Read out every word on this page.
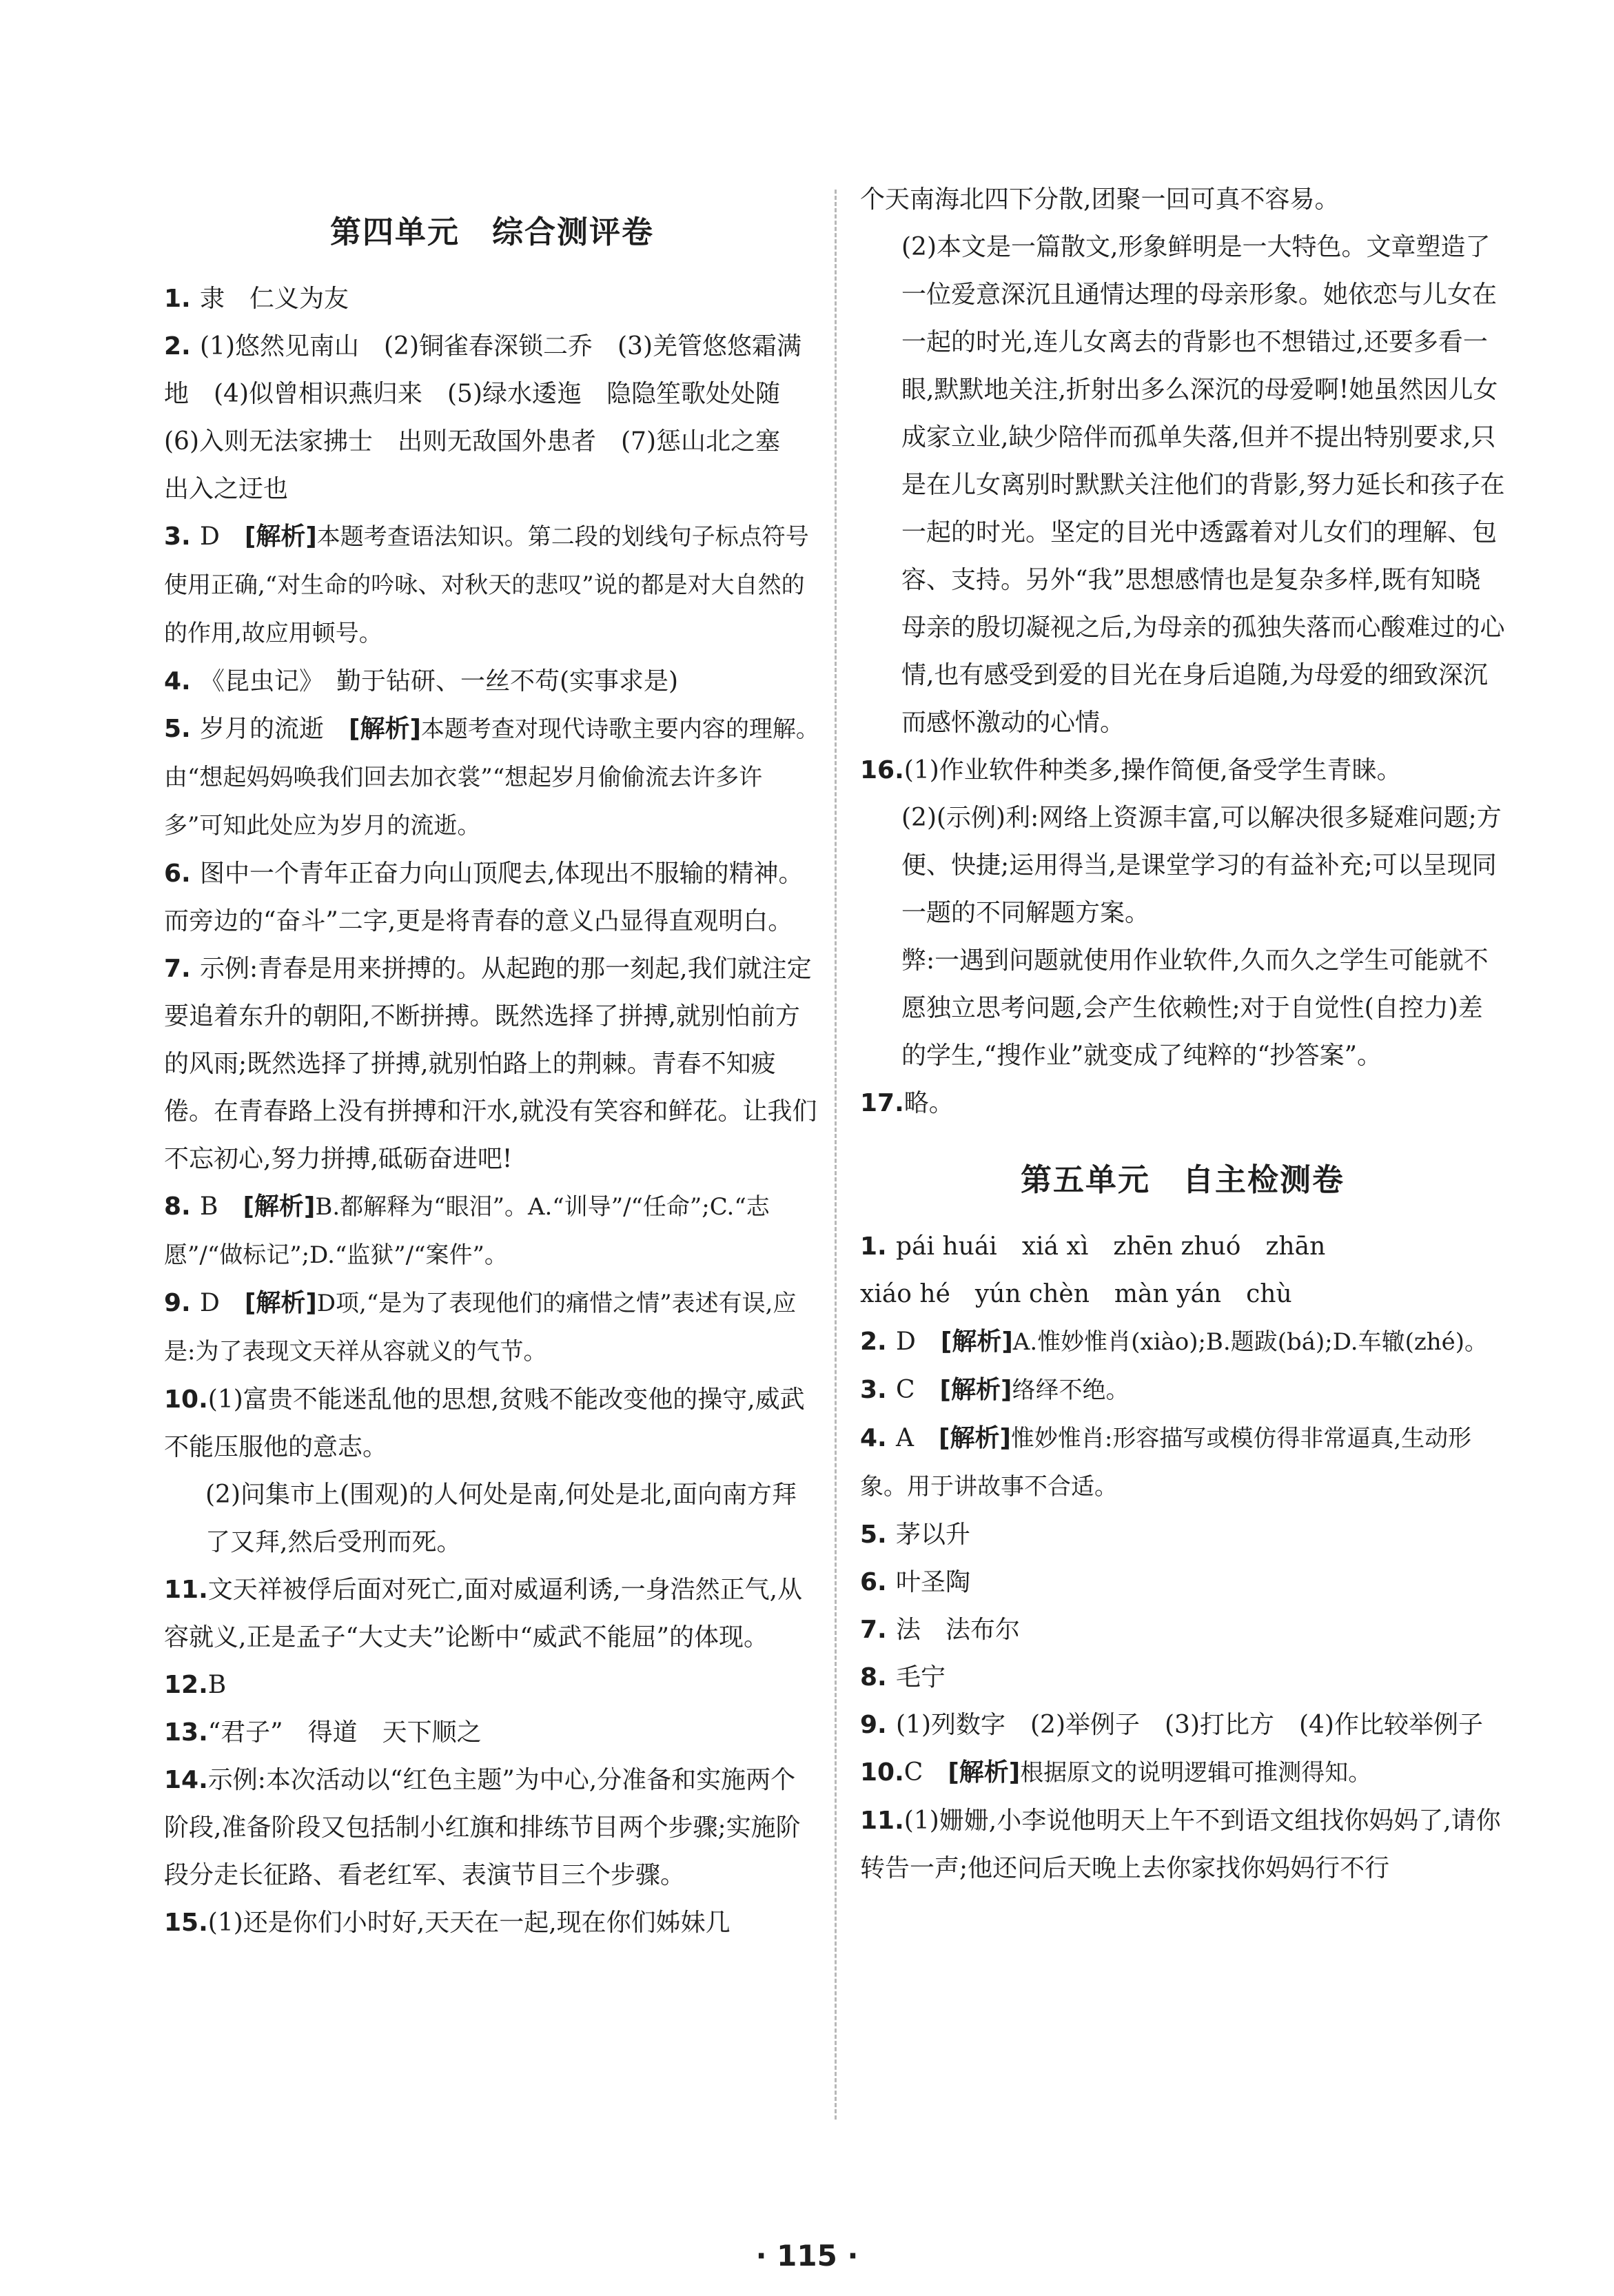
第四单元　综合测评卷
1. 隶　仁义为友
2. (1)悠然见南山　(2)铜雀春深锁二乔　(3)羌管悠悠霜满地　(4)似曾相识燕归来　(5)绿水逶迤　隐隐笙歌处处随　(6)入则无法家拂士　出则无敌国外患者　(7)惩山北之塞　出入之迂也
3. D　[解析]本题考查语法知识。第二段的划线句子标点符号使用正确,“对生命的吟咏、对秋天的悲叹”说的都是对大自然的的作用,故应用顿号。
4. 《昆虫记》　勤于钻研、一丝不苟(实事求是)
5. 岁月的流逝　[解析]本题考查对现代诗歌主要内容的理解。由“想起妈妈唤我们回去加衣裳”“想起岁月偷偷流去许多许多”可知此处应为岁月的流逝。
6. 图中一个青年正奋力向山顶爬去,体现出不服输的精神。而旁边的“奋斗”二字,更是将青春的意义凸显得直观明白。
7. 示例:青春是用来拼搏的。从起跑的那一刻起,我们就注定要追着东升的朝阳,不断拼搏。既然选择了拼搏,就别怕前方的风雨;既然选择了拼搏,就别怕路上的荆棘。青春不知疲倦。在青春路上没有拼搏和汗水,就没有笑容和鲜花。让我们不忘初心,努力拼搏,砥砺奋进吧!
8. B　[解析]B.都解释为“眼泪”。A.“训导”/“任命”;C.“志愿”/“做标记”;D.“监狱”/“案件”。
9. D　[解析]D项,“是为了表现他们的痛惜之情”表述有误,应是:为了表现文天祥从容就义的气节。
10.(1)富贵不能迷乱他的思想,贫贱不能改变他的操守,威武不能压服他的意志。
(2)问集市上(围观)的人何处是南,何处是北,面向南方拜了又拜,然后受刑而死。
11.文天祥被俘后面对死亡,面对威逼利诱,一身浩然正气,从容就义,正是孟子“大丈夫”论断中“威武不能屈”的体现。
12.B
13.“君子”　得道　天下顺之
14.示例:本次活动以“红色主题”为中心,分准备和实施两个阶段,准备阶段又包括制小红旗和排练节目两个步骤;实施阶段分走长征路、看老红军、表演节目三个步骤。
15.(1)还是你们小时好,天天在一起,现在你们姊妹几
个天南海北四下分散,团聚一回可真不容易。
(2)本文是一篇散文,形象鲜明是一大特色。文章塑造了一位爱意深沉且通情达理的母亲形象。她依恋与儿女在一起的时光,连儿女离去的背影也不想错过,还要多看一眼,默默地关注,折射出多么深沉的母爱啊!她虽然因儿女成家立业,缺少陪伴而孤单失落,但并不提出特别要求,只是在儿女离别时默默关注他们的背影,努力延长和孩子在一起的时光。坚定的目光中透露着对儿女们的理解、包容、支持。另外“我”思想感情也是复杂多样,既有知晓母亲的殷切凝视之后,为母亲的孤独失落而心酸难过的心情,也有感受到爱的目光在身后追随,为母爱的细致深沉而感怀激动的心情。
16.(1)作业软件种类多,操作简便,备受学生青睐。
(2)(示例)利:网络上资源丰富,可以解决很多疑难问题;方便、快捷;运用得当,是课堂学习的有益补充;可以呈现同一题的不同解题方案。
弊:一遇到问题就使用作业软件,久而久之学生可能就不愿独立思考问题,会产生依赖性;对于自觉性(自控力)差的学生,“搜作业”就变成了纯粹的“抄答案”。
17.略。
第五单元　自主检测卷
1. pái huái　xiá xì　zhēn zhuó　zhān
xiáo hé　yún chèn　màn yán　chù
2. D　[解析]A.惟妙惟肖(xiào);B.题跋(bá);D.车辙(zhé)。
3. C　[解析]络绎不绝。
4. A　[解析]惟妙惟肖:形容描写或模仿得非常逼真,生动形象。用于讲故事不合适。
5. 茅以升
6. 叶圣陶
7. 法　法布尔
8. 毛宁
9. (1)列数字　(2)举例子　(3)打比方　(4)作比较举例子
10.C　[解析]根据原文的说明逻辑可推测得知。
11.(1)姗姗,小李说他明天上午不到语文组找你妈妈了,请你转告一声;他还问后天晚上去你家找你妈妈行不行
· 115 ·
